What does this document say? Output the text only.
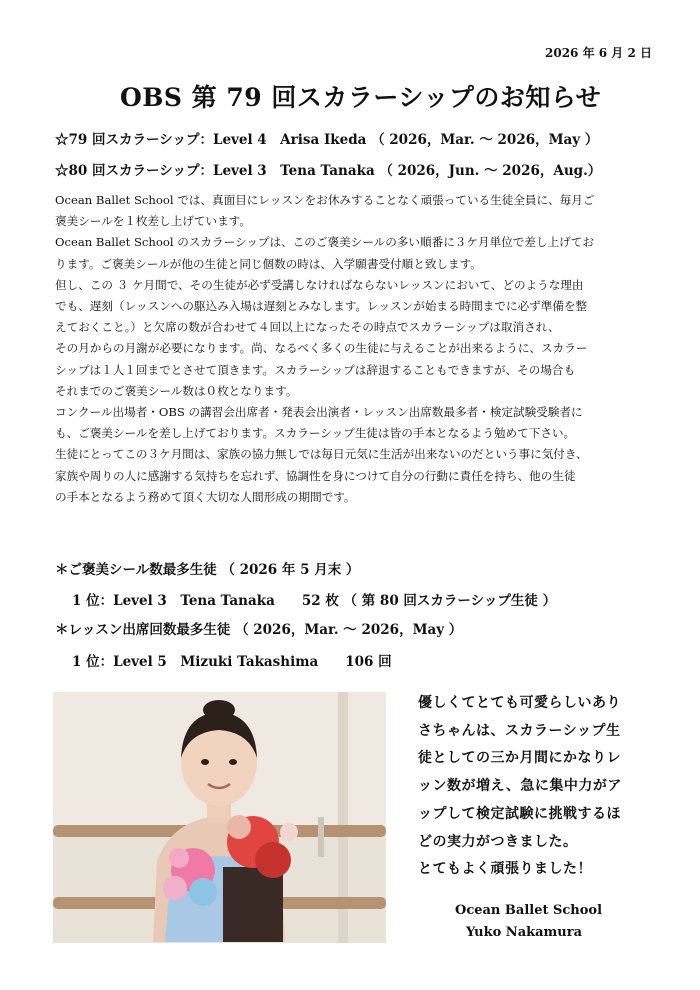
2026 年 6 月 2 日
OBS 第 79 回スカラーシップのお知らせ
☆79 回スカラーシップ：Level 4　Arisa Ikeda （ 2026，Mar. 〜 2026，May ）
☆80 回スカラーシップ：Level 3　Tena Tanaka （ 2026，Jun. 〜 2026，Aug.）

Ocean Ballet School では、真面目にレッスンをお休みすることなく頑張っている生徒全員に、毎月ご

褒美シールを１枚差し上げています。

Ocean Ballet School のスカラーシップは、このご褒美シールの多い順番に３ケ月単位で差し上げてお

ります。ご褒美シールが他の生徒と同じ個数の時は、入学願書受付順と致します。

但し、この ３ ケ月間で、その生徒が必ず受講しなければならないレッスンにおいて、どのような理由

でも、遅刻（レッスンへの駆込み入場は遅刻とみなします。レッスンが始まる時間までに必ず準備を整

えておくこと。）と欠席の数が合わせて４回以上になったその時点でスカラーシップは取消され、

その月からの月謝が必要になります。尚、なるべく多くの生徒に与えることが出来るように、スカラー

シップは１人１回までとさせて頂きます。スカラーシップは辞退することもできますが、その場合も

それまでのご褒美シール数は０枚となります。

コンクール出場者・OBS の講習会出席者・発表会出演者・レッスン出席数最多者・検定試験受験者に

も、ご褒美シールを差し上げております。スカラーシップ生徒は皆の手本となるよう勉めて下さい。

生徒にとってこの３ケ月間は、家族の協力無しでは毎日元気に生活が出来ないのだという事に気付き、

家族や周りの人に感謝する気持ちを忘れず、協調性を身につけて自分の行動に責任を持ち、他の生徒

の手本となるよう務めて頂く大切な人間形成の期間です。

＊ご褒美シール数最多生徒 （ 2026 年 5 月末 ）
1 位：Level 3　Tena Tanaka　　52 枚 （ 第 80 回スカラーシップ生徒 ）
＊レッスン出席回数最多生徒 （ 2026，Mar. 〜 2026，May ）
1 位：Level 5　Mizuki Takashima　　106 回

優しくてとても可愛らしいあり

さちゃんは、スカラーシップ生

徒としての三か月間にかなりレ

ッン数が増え、急に集中力がア

ップして検定試験に挑戦するほ

どの実力がつきました。

とてもよく頑張りました！

Ocean Ballet School
Yuko Nakamura
